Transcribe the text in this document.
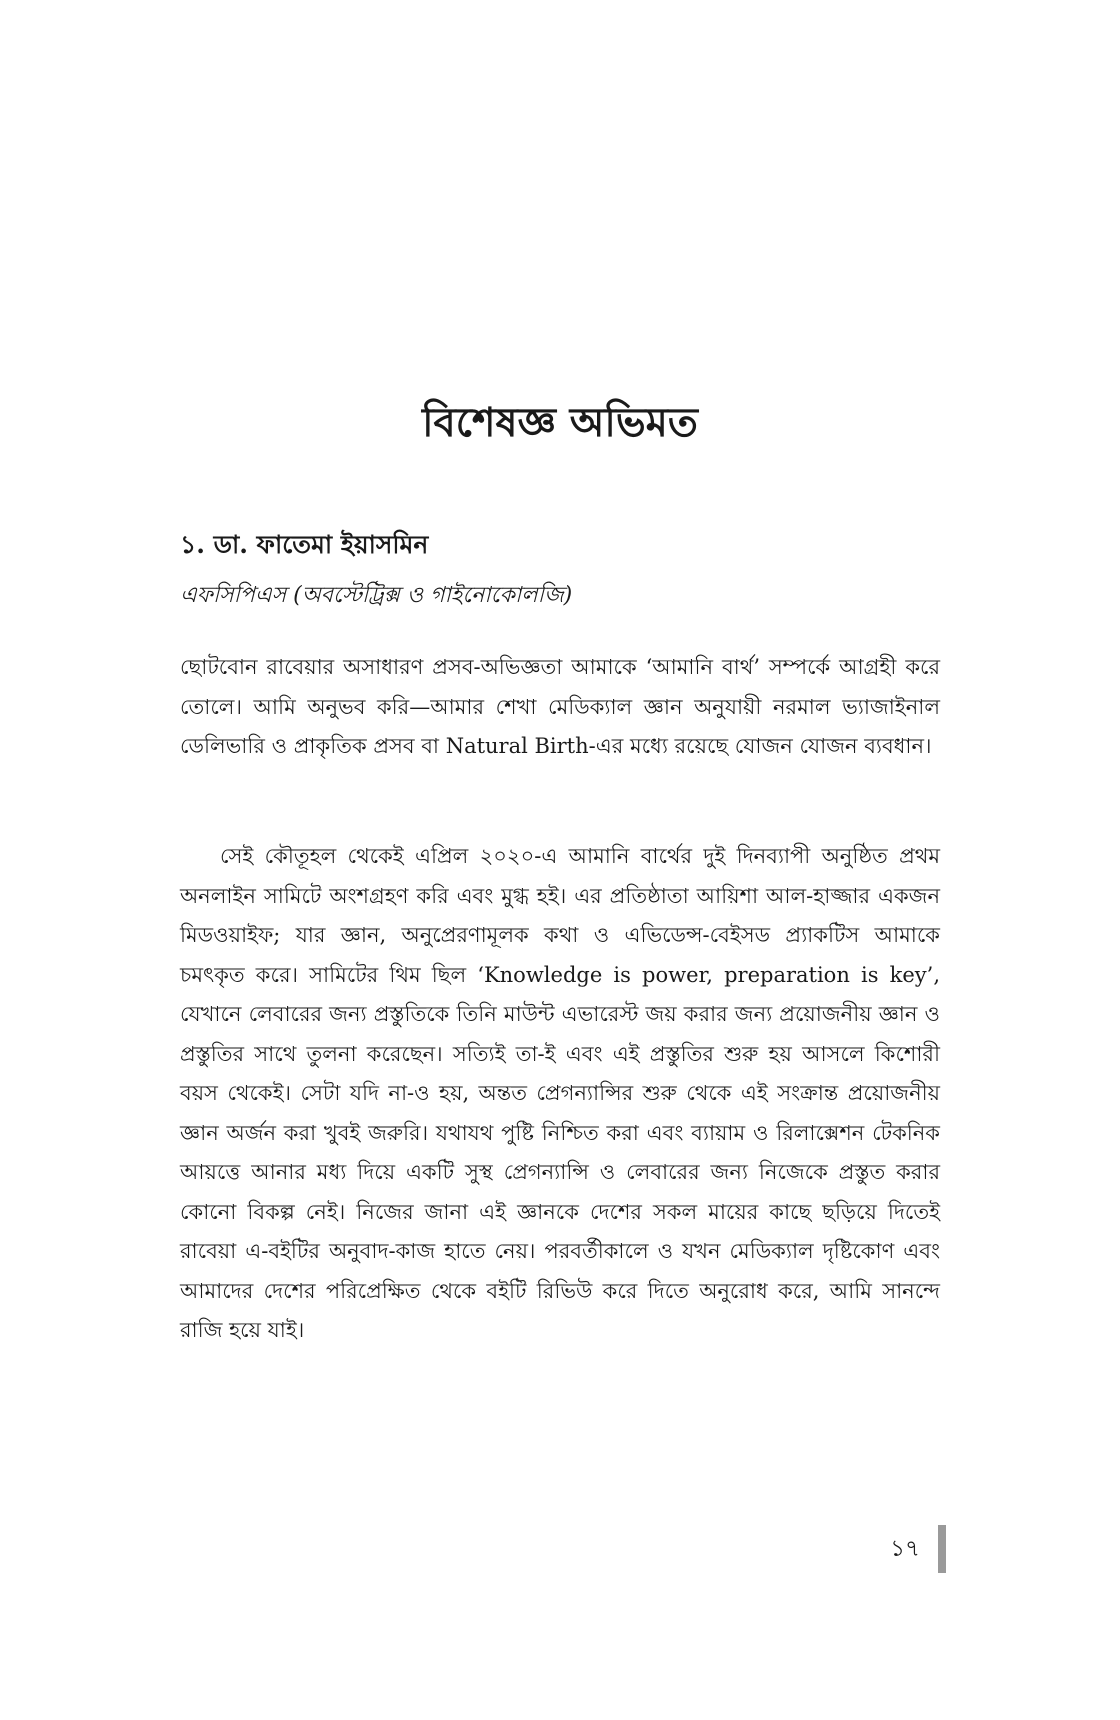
বিশেষজ্ঞ অভিমত
১. ডা. ফাতেমা ইয়াসমিন
এফসিপিএস (অবস্টেট্রিক্স ও গাইনোকোলজি)

ছোটবোন রাবেয়ার অসাধারণ প্রসব-অভিজ্ঞতা আমাকে ‘আমানি বার্থ’ সম্পর্কে আগ্রহী করে তোলে। আমি অনুভব করি—আমার শেখা মেডিক্যাল জ্ঞান অনুযায়ী নরমাল ভ্যাজাইনাল ডেলিভারি ও প্রাকৃতিক প্রসব বা Natural Birth-এর মধ্যে রয়েছে যোজন যোজন ব্যবধান।

সেই কৌতূহল থেকেই এপ্রিল ২০২০-এ আমানি বার্থের দুই দিনব্যাপী অনুষ্ঠিত প্রথম অনলাইন সামিটে অংশগ্রহণ করি এবং মুগ্ধ হই। এর প্রতিষ্ঠাতা আয়িশা আল-হাজ্জার একজন মিডওয়াইফ; যার জ্ঞান, অনুপ্রেরণামূলক কথা ও এভিডেন্স-বেইসড প্র্যাকটিস আমাকে চমৎকৃত করে। সামিটের থিম ছিল ‘Knowledge is power, preparation is key’, যেখানে লেবারের জন্য প্রস্তুতিকে তিনি মাউন্ট এভারেস্ট জয় করার জন্য প্রয়োজনীয় জ্ঞান ও প্রস্তুতির সাথে তুলনা করেছেন। সত্যিই তা-ই এবং এই প্রস্তুতির শুরু হয় আসলে কিশোরী বয়স থেকেই। সেটা যদি না-ও হয়, অন্তত প্রেগন্যান্সির শুরু থেকে এই সংক্রান্ত প্রয়োজনীয় জ্ঞান অর্জন করা খুবই জরুরি। যথাযথ পুষ্টি নিশ্চিত করা এবং ব্যায়াম ও রিলাক্সেশন টেকনিক আয়ত্তে আনার মধ্য দিয়ে একটি সুস্থ প্রেগন্যান্সি ও লেবারের জন্য নিজেকে প্রস্তুত করার কোনো বিকল্প নেই। নিজের জানা এই জ্ঞানকে দেশের সকল মায়ের কাছে ছড়িয়ে দিতেই রাবেয়া এ-বইটির অনুবাদ-কাজ হাতে নেয়। পরবর্তীকালে ও যখন মেডিক্যাল দৃষ্টিকোণ এবং আমাদের দেশের পরিপ্রেক্ষিত থেকে বইটি রিভিউ করে দিতে অনুরোধ করে, আমি সানন্দে রাজি হয়ে যাই।

১৭
